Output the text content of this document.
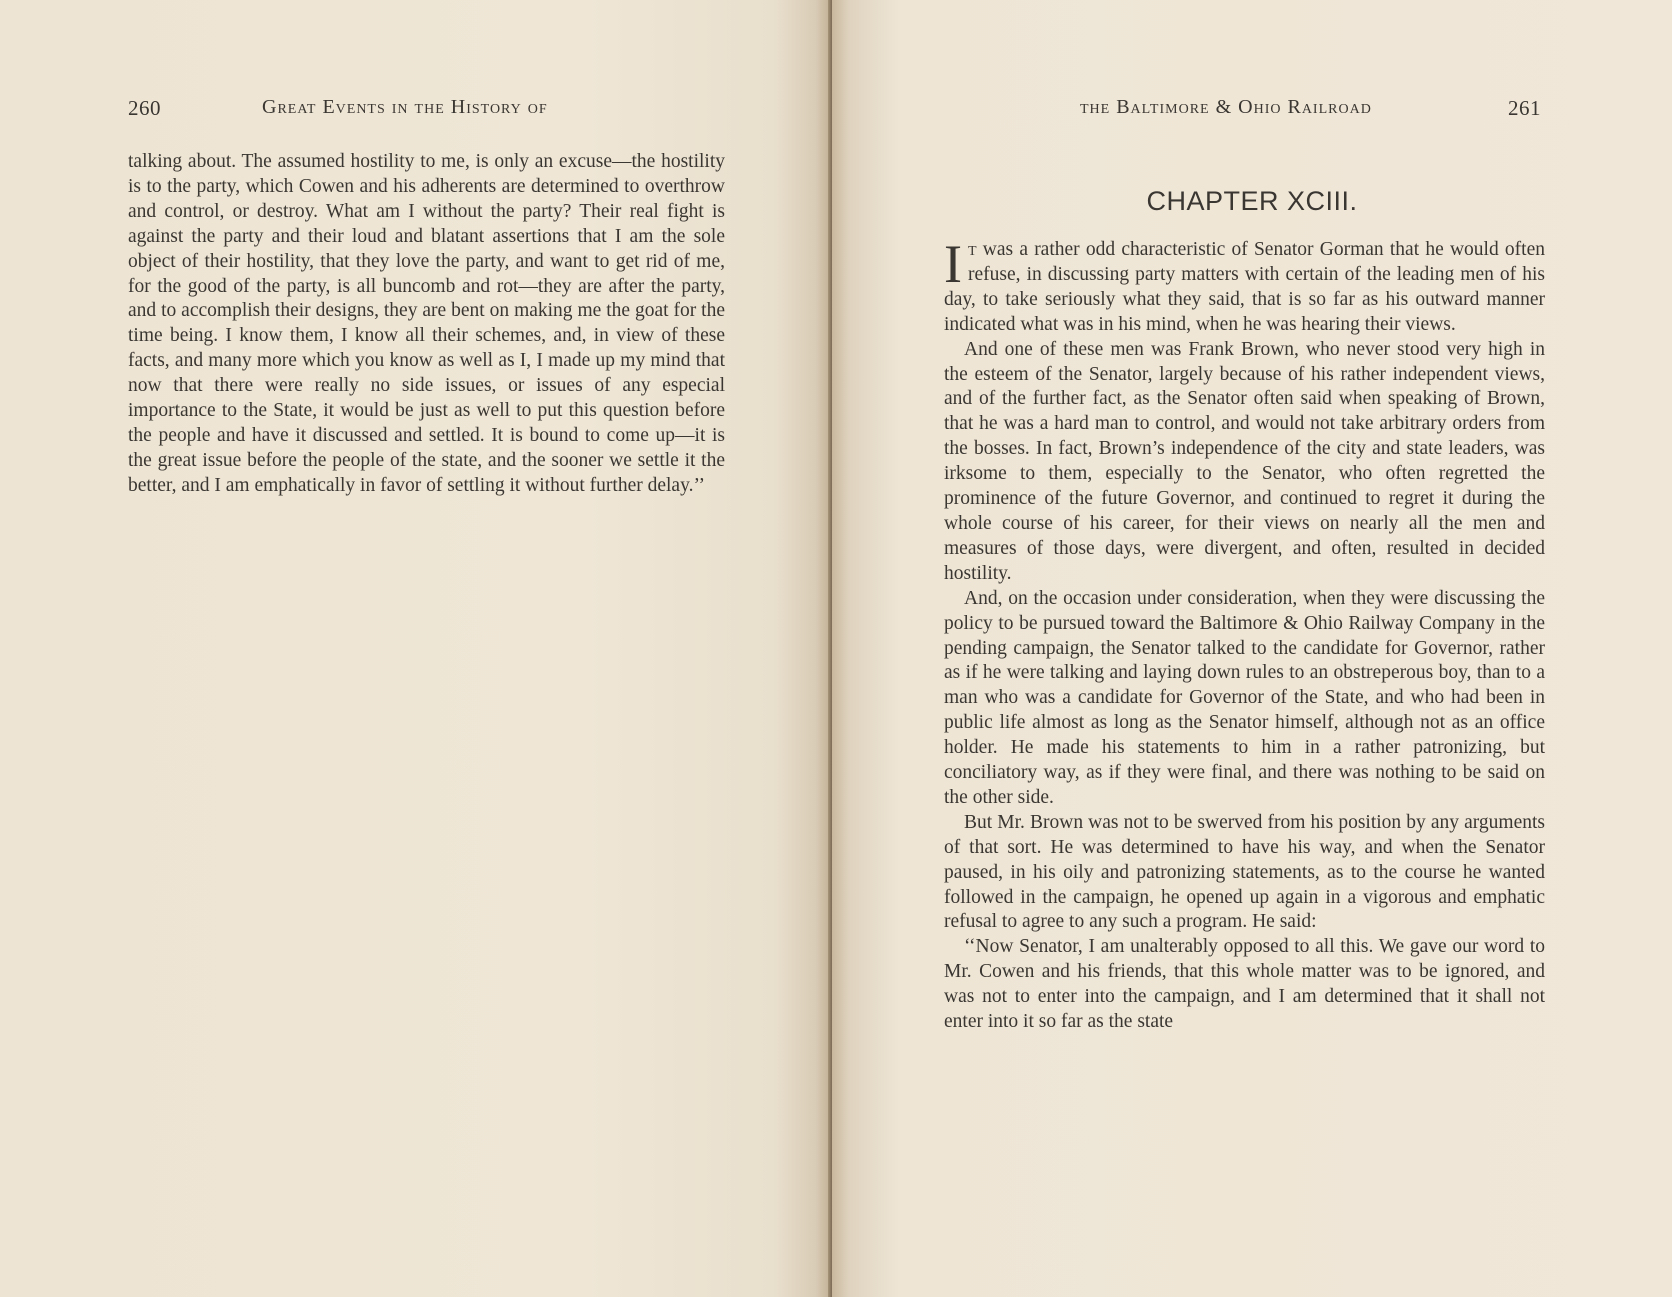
260	Great Events in the History of

talking about. The assumed hostility to me, is only an excuse—the hostility is to the party, which Cowen and his adherents are determined to overthrow and control, or destroy. What am I without the party? Their real fight is against the party and their loud and blatant assertions that I am the sole object of their hostility, that they love the party, and want to get rid of me, for the good of the party, is all buncomb and rot—they are after the party, and to accomplish their designs, they are bent on making me the goat for the time being. I know them, I know all their schemes, and, in view of these facts, and many more which you know as well as I, I made up my mind that now that there were really no side issues, or issues of any especial importance to the State, it would be just as well to put this question before the people and have it discussed and settled. It is bound to come up—it is the great issue before the people of the state, and the sooner we settle it the better, and I am emphatically in favor of settling it without further delay.’’

the Baltimore & Ohio Railroad	261
CHAPTER XCIII.

It was a rather odd characteristic of Senator Gorman that he would often refuse, in discussing party matters with certain of the leading men of his day, to take seriously what they said, that is so far as his outward manner indicated what was in his mind, when he was hearing their views.

And one of these men was Frank Brown, who never stood very high in the esteem of the Senator, largely because of his rather independent views, and of the further fact, as the Senator often said when speaking of Brown, that he was a hard man to control, and would not take arbitrary orders from the bosses. In fact, Brown’s independence of the city and state leaders, was irksome to them, especially to the Senator, who often regretted the prominence of the future Governor, and continued to regret it during the whole course of his career, for their views on nearly all the men and measures of those days, were divergent, and often, resulted in decided hostility.

And, on the occasion under consideration, when they were discussing the policy to be pursued toward the Baltimore & Ohio Railway Company in the pending campaign, the Senator talked to the candidate for Governor, rather as if he were talking and laying down rules to an obstreperous boy, than to a man who was a candidate for Governor of the State, and who had been in public life almost as long as the Senator himself, although not as an office holder. He made his statements to him in a rather patronizing, but conciliatory way, as if they were final, and there was nothing to be said on the other side.

But Mr. Brown was not to be swerved from his position by any arguments of that sort. He was determined to have his way, and when the Senator paused, in his oily and patronizing statements, as to the course he wanted followed in the campaign, he opened up again in a vigorous and emphatic refusal to agree to any such a program. He said:

‘‘Now Senator, I am unalterably opposed to all this. We gave our word to Mr. Cowen and his friends, that this whole matter was to be ignored, and was not to enter into the campaign, and I am determined that it shall not enter into it so far as the state
